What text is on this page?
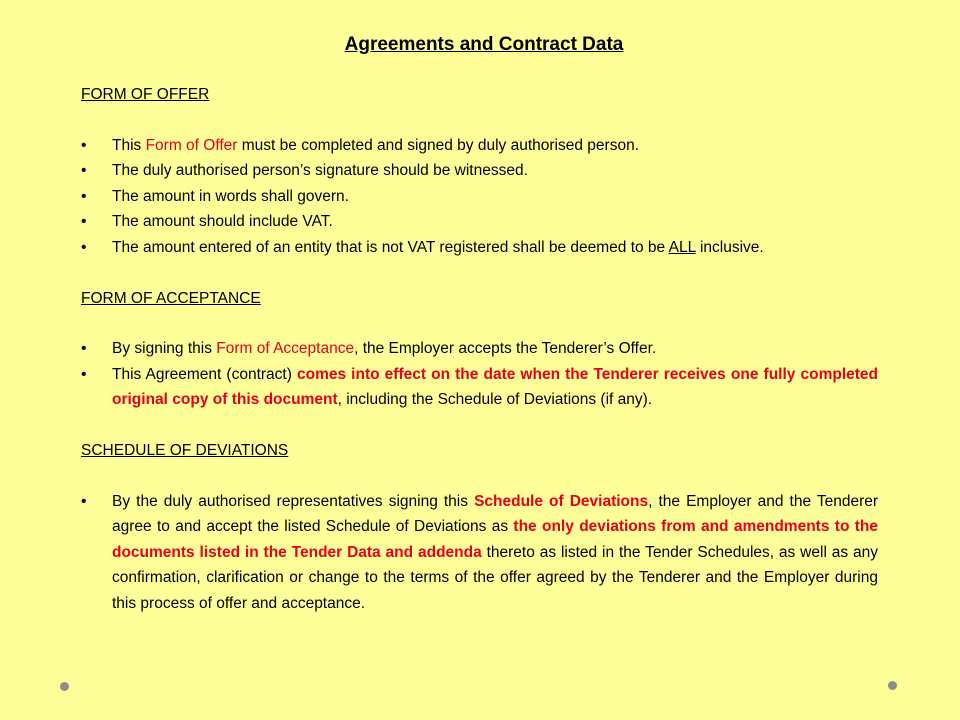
Agreements and Contract Data

FORM OF OFFER

• This Form of Offer must be completed and signed by duly authorised person.
• The duly authorised person’s signature should be witnessed.
• The amount in words shall govern.
• The amount should include VAT.
• The amount entered of an entity that is not VAT registered shall be deemed to be ALL inclusive.

FORM OF ACCEPTANCE

• By signing this Form of Acceptance, the Employer accepts the Tenderer’s Offer.
• This Agreement (contract) comes into effect on the date when the Tenderer receives one fully completed original copy of this document, including the Schedule of Deviations (if any).

SCHEDULE OF DEVIATIONS

• By the duly authorised representatives signing this Schedule of Deviations, the Employer and the Tenderer agree to and accept the listed Schedule of Deviations as the only deviations from and amendments to the documents listed in the Tender Data and addenda thereto as listed in the Tender Schedules, as well as any confirmation, clarification or change to the terms of the offer agreed by the Tenderer and the Employer during this process of offer and acceptance.
